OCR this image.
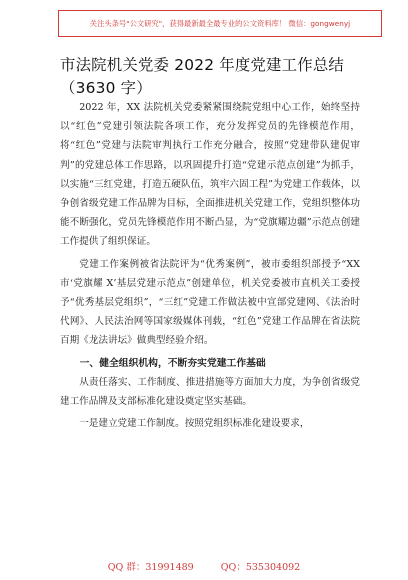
关注头条号"公文研究"，获得最新最全最专业的公文资料库！ 微信：gongwenyj
市法院机关党委 2022 年度党建工作总结（3630 字）

2022 年，XX 法院机关党委紧紧围绕院党组中心工作，始终坚持以“红色”党建引领法院各项工作，充分发挥党员的先锋模范作用，将“红色”党建与法院审判执行工作充分融合，按照“党建带队建促审判”的党建总体工作思路，以巩固提升打造“党建示范点创建”为抓手，以实施“三红党建，打造五硬队伍，筑牢六固工程”为党建工作载体，以争创省级党建工作品牌为目标，全面推进机关党建工作，党组织整体功能不断强化，党员先锋模范作用不断凸显，为“党旗耀边疆”示范点创建工作提供了组织保证。

党建工作案例被省法院评为“优秀案例”，被市委组织部授予“XX 市‘党旗耀 X’基层党建示范点”创建单位，机关党委被市直机关工委授予“优秀基层党组织”，“三红”党建工作做法被中宣部党建网、《法治时代网》、人民法治网等国家级媒体刊载，“红色”党建工作品牌在省法院百期《龙法讲坛》做典型经验介绍。

一、健全组织机构，不断夯实党建工作基础

从责任落实、工作制度、推进措施等方面加大力度，为争创省级党建工作品牌及支部标准化建设奠定坚实基础。

一是建立党建工作制度。按照党组织标准化建设要求，

QQ 群：31991489	QQ：535304092
